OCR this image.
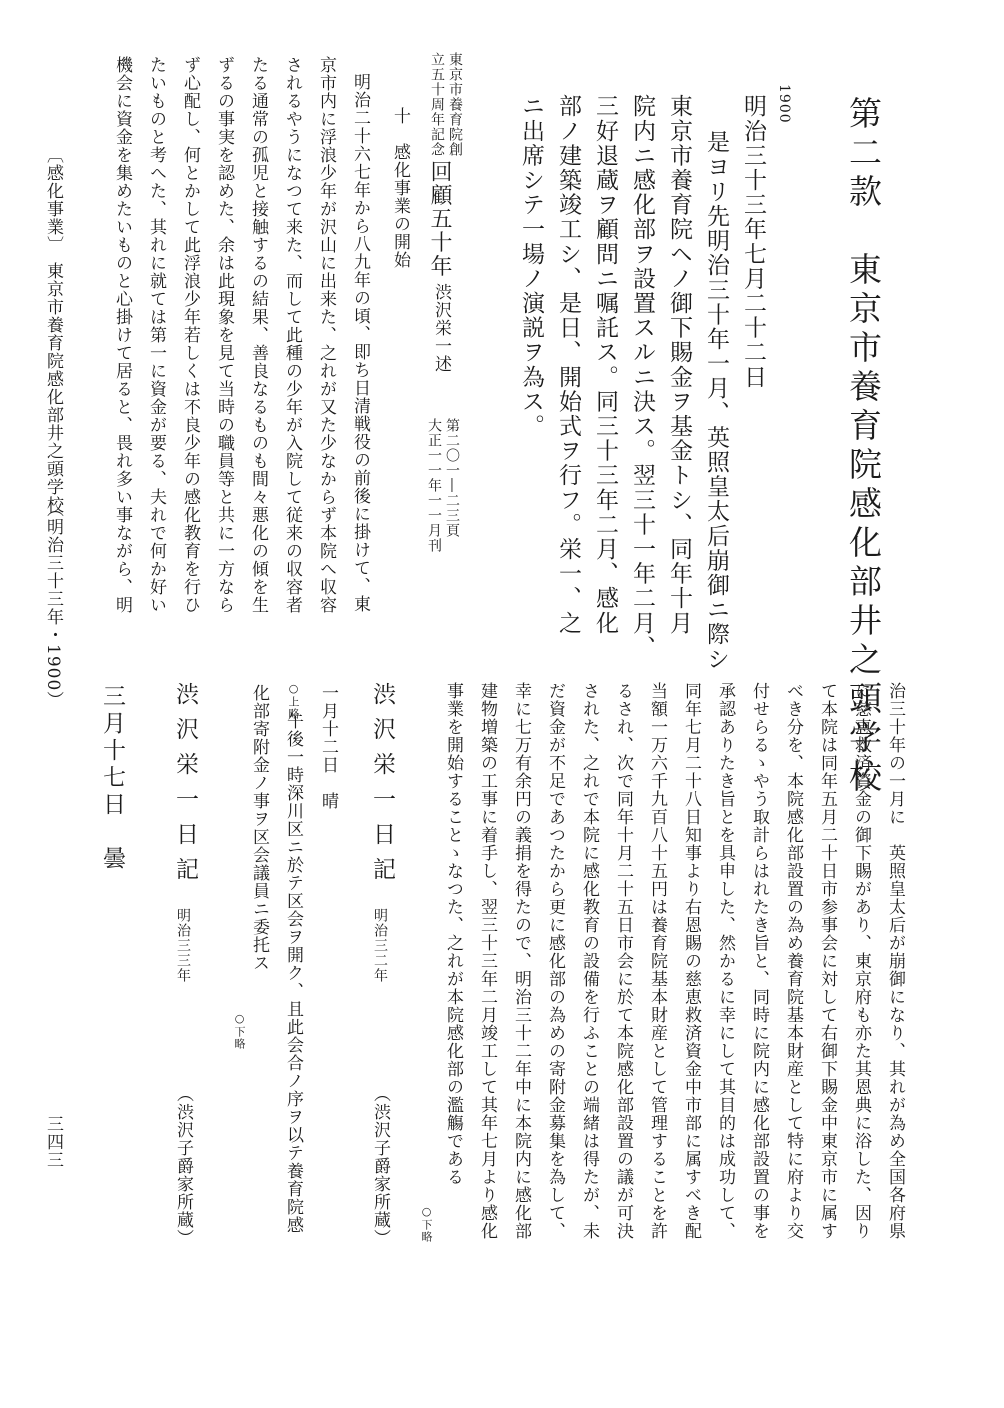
第二款　東京市養育院感化部井之頭学校
1900
明治三十三年七月二十二日
是ヨリ先明治三十年一月、英照皇太后崩御ニ際シ
東京市養育院ヘノ御下賜金ヲ基金トシ、同年十月
院内ニ感化部ヲ設置スルニ決ス。翌三十一年二月、
三好退蔵ヲ顧問ニ嘱託ス。同三十三年二月、感化
部ノ建築竣工シ、是日、開始式ヲ行フ。栄一、之
ニ出席シテ一場ノ演説ヲ為ス。
東京市養育院創
立五十周年記念
回顧五十年
渋沢栄一述
第二〇一―二三頁
大正一一年一一月刊
十　感化事業の開始
明治二十六七年から八九年の頃、即ち日清戦役の前後に掛けて、東
京市内に浮浪少年が沢山に出来た、之れが又た少なからず本院へ収容
されるやうになつて来た、而して此種の少年が入院して従来の収容者
たる通常の孤児と接触するの結果、善良なるものも間々悪化の傾を生
ずるの事実を認めた、余は此現象を見て当時の職員等と共に一方なら
ず心配し、何とかして此浮浪少年若しくは不良少年の感化教育を行ひ
たいものと考へた、其れに就ては第一に資金が要る、夫れで何か好い
機会に資金を集めたいものと心掛けて居ると、畏れ多い事ながら、明
〔感化事業〕
東京市養育院感化部井之頭学校
（明治三十三年・1900）
治三十年の一月に　英照皇太后が崩御になり、其れが為め全国各府県
に慈恵救済資金の御下賜があり、東京府も亦た其恩典に浴した、因り
て本院は同年五月二十日市参事会に対して右御下賜金中東京市に属す
べき分を、本院感化部設置の為め養育院基本財産として特に府より交
付せらるゝやう取計らはれたき旨と、同時に院内に感化部設置の事を
承認ありたき旨とを具申した、然かるに幸にして其目的は成功して、
同年七月二十八日知事より右恩賜の慈恵救済資金中市部に属すべき配
当額一万六千九百八十五円は養育院基本財産として管理することを許
るされ、次で同年十月二十五日市会に於て本院感化部設置の議が可決
された、之れで本院に感化教育の設備を行ふことの端緒は得たが、未
だ資金が不足であつたから更に感化部の為めの寄附金募集を為して、
幸に七万有余円の義捐を得たので、明治三十二年中に本院内に感化部
建物増築の工事に着手し、翌三十三年二月竣工して其年七月より感化
事業を開始することゝなつた、之れが本院感化部の濫觴である
○下略
渋沢栄一日記
明治三二年
（渋沢子爵家所蔵）
一月十二日　晴
○上略
午後一時深川区ニ於テ区会ヲ開ク、且此会合ノ序ヲ以テ養育院感
化部寄附金ノ事ヲ区会議員ニ委托ス
○下略
渋沢栄一日記
明治三三年
（渋沢子爵家所蔵）
三月十七日　曇
三四三
